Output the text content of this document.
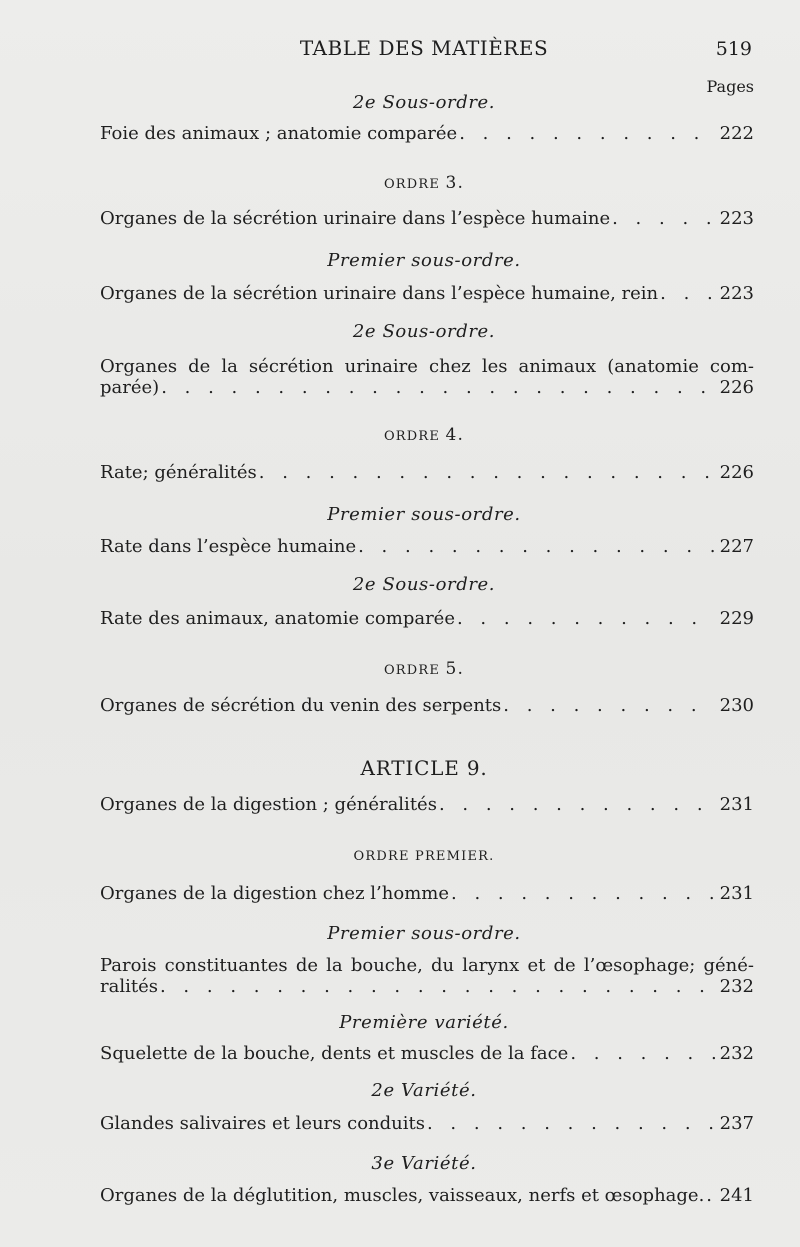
TABLE DES MATIÈRES	519
Pages
2e Sous-ordre.
Foie des animaux ; anatomie comparée . . .	222
ORDRE 3.
Organes de la sécrétion urinaire dans l’espèce humaine . . .	223
Premier sous-ordre.
Organes de la sécrétion urinaire dans l’espèce humaine, rein . . .	223
2e Sous-ordre.
Organes de la sécrétion urinaire chez les animaux (anatomie com-
parée) . . .	226
ORDRE 4.
Rate; généralités . . .	226
Premier sous-ordre.
Rate dans l’espèce humaine . . .	227
2e Sous-ordre.
Rate des animaux, anatomie comparée . . .	229
ORDRE 5.
Organes de sécrétion du venin des serpents . . .	230
ARTICLE 9.
Organes de la digestion ; généralités . . .	231
ORDRE PREMIER.
Organes de la digestion chez l’homme . . .	231
Premier sous-ordre.
Parois constituantes de la bouche, du larynx et de l’œsophage; géné-
ralités . . .	232
Première variété.
Squelette de la bouche, dents et muscles de la face . . .	232
2e Variété.
Glandes salivaires et leurs conduits . . .	237
3e Variété.
Organes de la déglutition, muscles, vaisseaux, nerfs et œsophage. . . . 241
